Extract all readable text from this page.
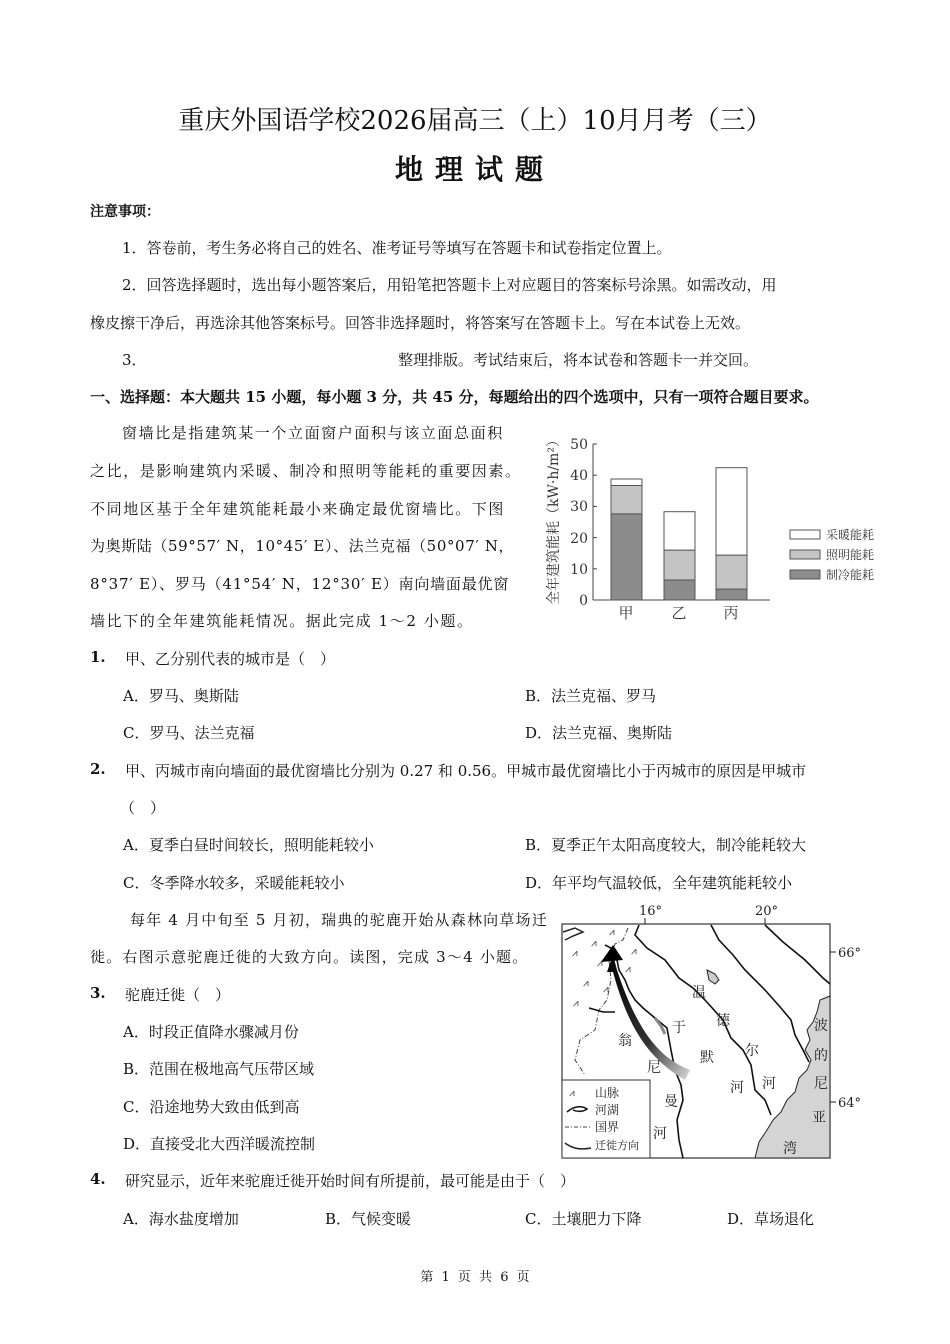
重庆外国语学校2026届高三（上）10月月考（三）
地理试题
注意事项：
1．答卷前，考生务必将自己的姓名、准考证号等填写在答题卡和试卷指定位置上。
2．回答选择题时，选出每小题答案后，用铅笔把答题卡上对应题目的答案标号涂黑。如需改动，用
橡皮擦干净后，再选涂其他答案标号。回答非选择题时，将答案写在答题卡上。写在本试卷上无效。
3．	整理排版。考试结束后，将本试卷和答题卡一并交回。
一、选择题：本大题共 15 小题，每小题 3 分，共 45 分，每题给出的四个选项中，只有一项符合题目要求。
窗墙比是指建筑某一个立面窗户面积与该立面总面积
之比，是影响建筑内采暖、制冷和照明等能耗的重要因素。
不同地区基于全年建筑能耗最小来确定最优窗墙比。下图
为奥斯陆（59°57′ N，10°45′ E）、法兰克福（50°07′ N，
8°37′ E）、罗马（41°54′ N，12°30′ E）南向墙面最优窗
墙比下的全年建筑能耗情况。据此完成 1～2 小题。
全年建筑能耗（kW·h/m²） 0
10
20
30
40
50
甲	乙 丙
采暖能耗
照明能耗
制冷能耗
1. 甲、乙分别代表的城市是（　）
A．罗马、奥斯陆	B．法兰克福、罗马
C．罗马、法兰克福	D．法兰克福、奥斯陆
2. 甲、丙城市南向墙面的最优窗墙比分别为 0.27 和 0.56。甲城市最优窗墙比小于丙城市的原因是甲城市
（　）
A．夏季白昼时间较长，照明能耗较小	B．夏季正午太阳高度较大，制冷能耗较大
C．冬季降水较多，采暖能耗较小	D．年平均气温较低，全年建筑能耗较小
每年 4 月中旬至 5 月初，瑞典的驼鹿开始从森林向草场迁
徙。右图示意驼鹿迁徙的大致方向。读图，完成 3～4 小题。
3. 驼鹿迁徙（　）
A．时段正值降水骤减月份
B．范围在极地高气压带区域
C．沿途地势大致由低到高
D．直接受北大西洋暖流控制
16°	20°
66°
64°
⩘
⩘
⩘
⩘
⩘
⩘
⩘
⩘
⩘
翁
尼
曼
河
于
默
河
温
德
尔
河
波
的
尼
亚
湾
⩘ 山脉
河湖
国界
迁徙方向
4. 研究显示，近年来驼鹿迁徙开始时间有所提前，最可能是由于（　）
A．海水盐度增加	B．气候变暖	C．土壤肥力下降	D．草场退化
第 1 页 共 6 页
